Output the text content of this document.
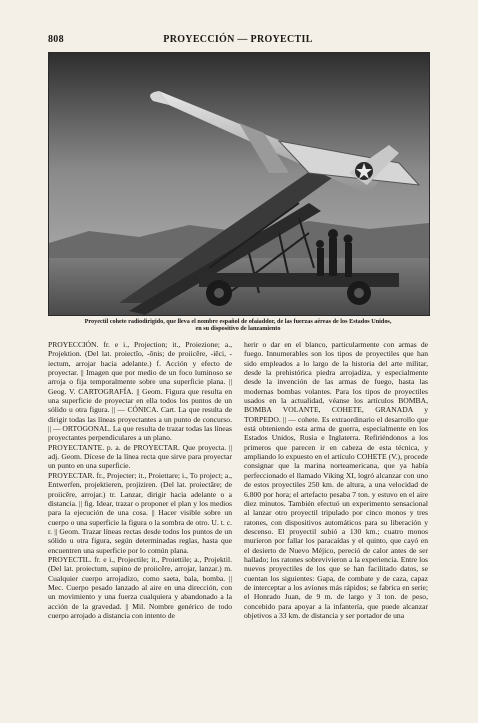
808	PROYECCIÓN — PROYECTIL
Proyectil cohete radiodirigido, que lleva el nombre español de ofaiaddor, de las fuerzas aéreas de los Estados Unidos,
en su dispositivo de lanzamiento

PROYECCIÓN. fr. e i., Projection; it., Proiezione; a., Projektion. (Del lat. proiectĭo, -ōnis; de proiicĕre, -iēci, -iectum, arrojar hacia adelante.) f. Acción y efecto de proyectar. || Imagen que por medio de un foco luminoso se arroja o fija temporalmente sobre una superficie plana. || Geog. V. CARTOGRAFÍA. || Geom. Figura que resulta en una superficie de proyectar en ella todos los puntos de un sólido u otra figura. || — CÓNICA. Cart. La que resulta de dirigir todas las líneas proyectantes a un punto de concurso. || — ORTOGONAL. La que resulta de trazar todas las líneas proyectantes perpendiculares a un plano.

PROYECTANTE. p. a. de PROYECTAR. Que proyecta. || adj. Geom. Dícese de la línea recta que sirve para proyectar un punto en una superficie.

PROYECTAR. fr., Projecter; it., Proiettare; i., To project; a., Entwerfen, projektieren, projiziren. (Del lat. proiectāre; de proiicĕre, arrojar.) tr. Lanzar, dirigir hacia adelante o a distancia. || fig. Idear, trazar o proponer el plan y los medios para la ejecución de una cosa. || Hacer visible sobre un cuerpo o una superficie la figura o la sombra de otro. U. t. c. r. || Geom. Trazar líneas rectas desde todos los puntos de un sólido u otra figura, según determinadas reglas, hasta que encuentren una superficie por lo común plana.

PROYECTIL. fr. e i., Projectile; it., Proiettile; a., Projektil. (Del lat. proiectum, supino de proiicĕre, arrojar, lanzar.) m. Cualquier cuerpo arrojadizo, como saeta, bala, bomba. || Mec. Cuerpo pesado lanzado al aire en una dirección, con un movimiento y una fuerza cualquiera y abandonado a la acción de la gravedad. || Mil. Nombre genérico de todo cuerpo arrojado a distancia con intento de

herir o dar en el blanco, particularmente con armas de fuego. Innumerables son los tipos de proyectiles que han sido empleados a lo largo de la historia del arte militar, desde la prehistórica piedra arrojadiza, y especialmente desde la invención de las armas de fuego, hasta las modernas bombas volantes. Para los tipos de proyectiles usados en la actualidad, véanse los artículos BOMBA, BOMBA VOLANTE, COHETE, GRANADA y TORPEDO. || — cohete. Es extraordinario el desarrollo que está obteniendo esta arma de guerra, especialmente en los Estados Unidos, Rusia e Inglaterra. Refiriéndonos a los primeros que parecen ir en cabeza de esta técnica, y ampliando lo expuesto en el artículo COHETE (V.), procede consignar que la marina norteamericana, que ya había perfeccionado el llamado Viking XI, logró alcanzar con uno de estos proyectiles 250 km. de altura, a una velocidad de 6.800 por hora; el artefacto pesaba 7 ton. y estuvo en el aire diez minutos. También efectuó un experimento sensacional al lanzar otro proyectil tripulado por cinco monos y tres ratones, con dispositivos automáticos para su liberación y descenso. El proyectil subió a 130 km.; cuatro monos murieron por fallar los paracaídas y el quinto, que cayó en el desierto de Nuevo Méjico, pereció de calor antes de ser hallado; los ratones sobrevivieron a la experiencia. Entre los nuevos proyectiles de los que se han facilitado datos, se cuentan los siguientes: Gapa, de combate y de caza, capaz de interceptar a los aviones más rápidos; se fabrica en serie; el Honrado Juan, de 9 m. de largo y 3 ton. de peso, concebido para apoyar a la infantería, que puede alcanzar objetivos a 33 km. de distancia y ser portador de una
